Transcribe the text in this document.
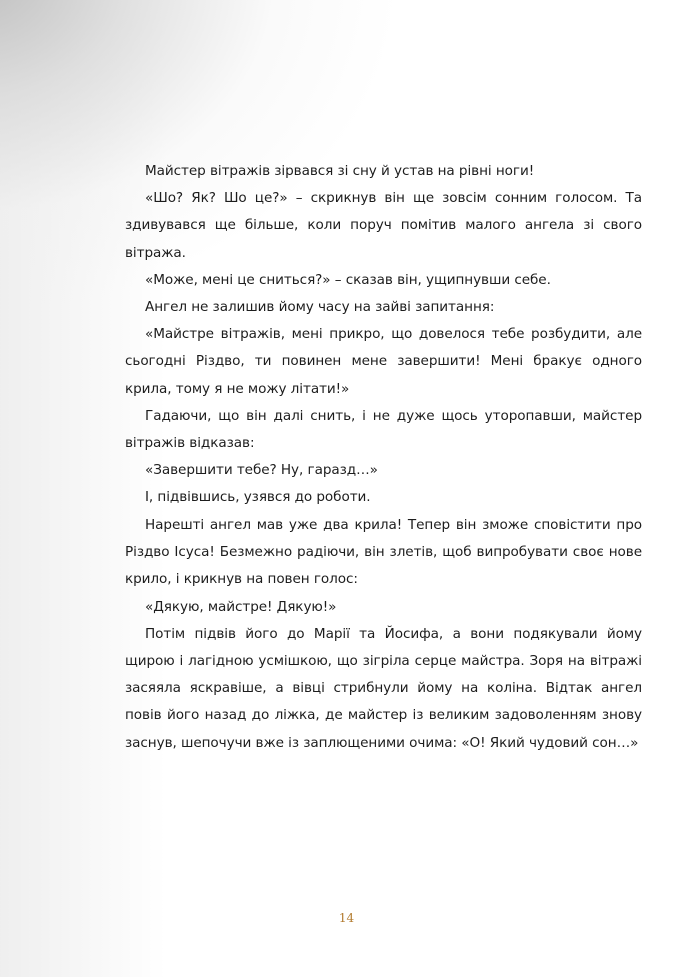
Майстер вітражів зірвався зі сну й устав на рівні ноги!

«Шо? Як? Шо це?» – скрикнув він ще зовсім сонним голосом. Та здивувався ще більше, коли поруч помітив малого ангела зі свого вітража.

«Може, мені це сниться?» – сказав він, ущипнувши себе.

Ангел не залишив йому часу на зайві запитання:

«Майстре вітражів, мені прикро, що довелося тебе розбудити, але сьогодні Різдво, ти повинен мене завершити! Мені бракує одного крила, тому я не можу літати!»

Гадаючи, що він далі снить, і не дуже щось уторопавши, майстер вітражів відказав:

«Завершити тебе? Ну, гаразд…»

І, підвівшись, узявся до роботи.

Нарешті ангел мав уже два крила! Тепер він зможе сповістити про Різдво Ісуса! Безмежно радіючи, він злетів, щоб випробувати своє нове крило, і крикнув на повен голос:

«Дякую, майстре! Дякую!»

Потім підвів його до Марії та Йосифа, а вони подякували йому щирою і лагідною усмішкою, що зігріла серце майстра. Зоря на вітражі засяяла яскравіше, а вівці стрибнули йому на коліна. Відтак ангел повів його назад до ліжка, де майстер із великим задоволенням знову заснув, шепочучи вже із заплющеними очима: «О! Який чудовий сон…»

14
